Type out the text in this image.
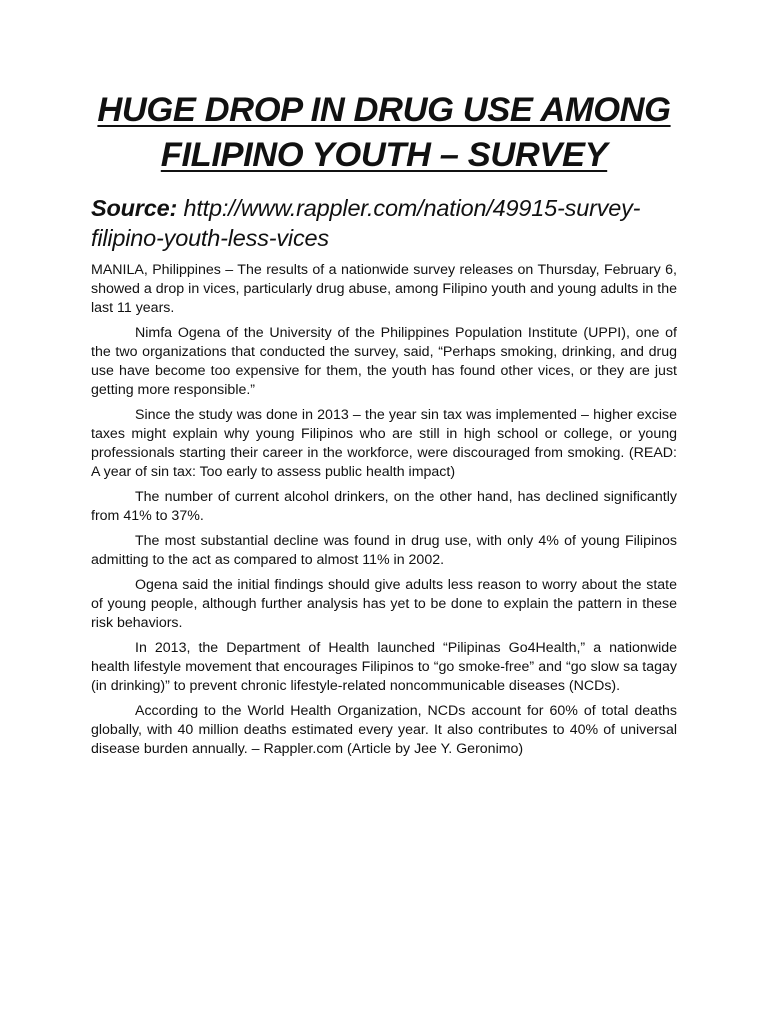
HUGE DROP IN DRUG USE AMONG FILIPINO YOUTH – SURVEY
Source: http://www.rappler.com/nation/49915-survey-filipino-youth-less-vices

MANILA, Philippines – The results of a nationwide survey releases on Thursday, February 6, showed a drop in vices, particularly drug abuse, among Filipino youth and young adults in the last 11 years.

Nimfa Ogena of the University of the Philippines Population Institute (UPPI), one of the two organizations that conducted the survey, said, “Perhaps smoking, drinking, and drug use have become too expensive for them, the youth has found other vices, or they are just getting more responsible.”

Since the study was done in 2013 – the year sin tax was implemented – higher excise taxes might explain why young Filipinos who are still in high school or college, or young professionals starting their career in the workforce, were discouraged from smoking. (READ: A year of sin tax: Too early to assess public health impact)

The number of current alcohol drinkers, on the other hand, has declined significantly from 41% to 37%.

The most substantial decline was found in drug use, with only 4% of young Filipinos admitting to the act as compared to almost 11% in 2002.

Ogena said the initial findings should give adults less reason to worry about the state of young people, although further analysis has yet to be done to explain the pattern in these risk behaviors.

In 2013, the Department of Health launched “Pilipinas Go4Health,” a nationwide health lifestyle movement that encourages Filipinos to “go smoke-free” and “go slow sa tagay (in drinking)” to prevent chronic lifestyle-related noncommunicable diseases (NCDs).

According to the World Health Organization, NCDs account for 60% of total deaths globally, with 40 million deaths estimated every year. It also contributes to 40% of universal disease burden annually. – Rappler.com (Article by Jee Y. Geronimo)
